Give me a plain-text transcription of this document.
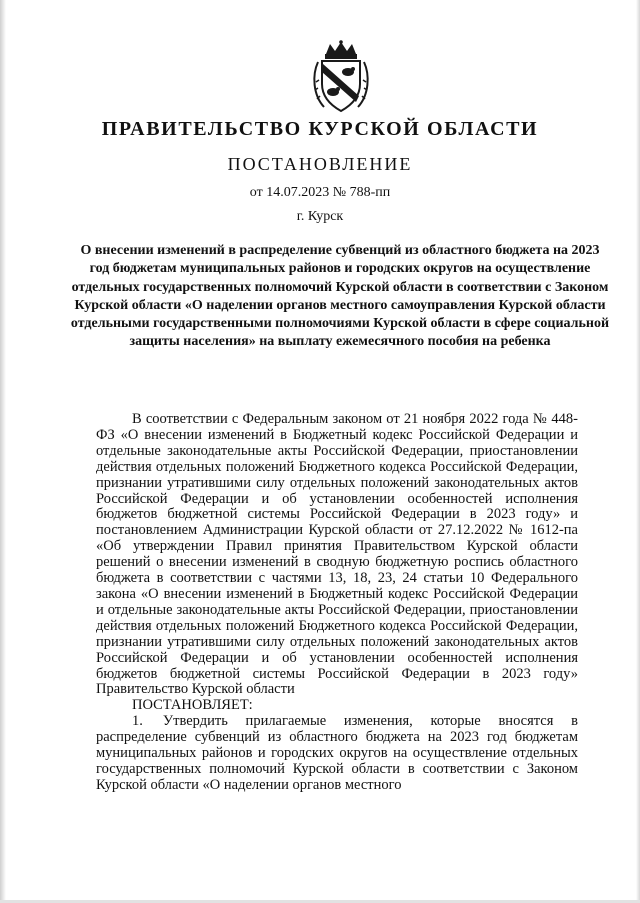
ПРАВИТЕЛЬСТВО КУРСКОЙ ОБЛАСТИ
ПОСТАНОВЛЕНИЕ
от 14.07.2023 № 788-пп
г. Курск
О внесении изменений в распределение субвенций из областного бюджета на 2023 год бюджетам муниципальных районов и городских округов на осуществление отдельных государственных полномочий Курской области в соответствии с Законом Курской области «О наделении органов местного самоуправления Курской области отдельными государственными полномочиями Курской области в сфере социальной защиты населения» на выплату ежемесячного пособия на ребенка

В соответствии с Федеральным законом от 21 ноября 2022 года № 448-ФЗ «О внесении изменений в Бюджетный кодекс Российской Федерации и отдельные законодательные акты Российской Федерации, приостановлении действия отдельных положений Бюджетного кодекса Российской Федерации, признании утратившими силу отдельных положений законодательных актов Российской Федерации и об установлении особенностей исполнения бюджетов бюджетной системы Российской Федерации в 2023 году» и постановлением Администрации Курской области от 27.12.2022 № 1612-па «Об утверждении Правил принятия Правительством Курской области решений о внесении изменений в сводную бюджетную роспись областного бюджета в соответствии с частями 13, 18, 23, 24 статьи 10 Федерального закона «О внесении изменений в Бюджетный кодекс Российской Федерации и отдельные законодательные акты Российской Федерации, приостановлении действия отдельных положений Бюджетного кодекса Российской Федерации, признании утратившими силу отдельных положений законодательных актов Российской Федерации и об установлении особенностей исполнения бюджетов бюджетной системы Российской Федерации в 2023 году» Правительство Курской области
ПОСТАНОВЛЯЕТ:

1. Утвердить прилагаемые изменения, которые вносятся в распределение субвенций из областного бюджета на 2023 год бюджетам муниципальных районов и городских округов на осуществление отдельных государственных полномочий Курской области в соответствии с Законом Курской области «О наделении органов местного
